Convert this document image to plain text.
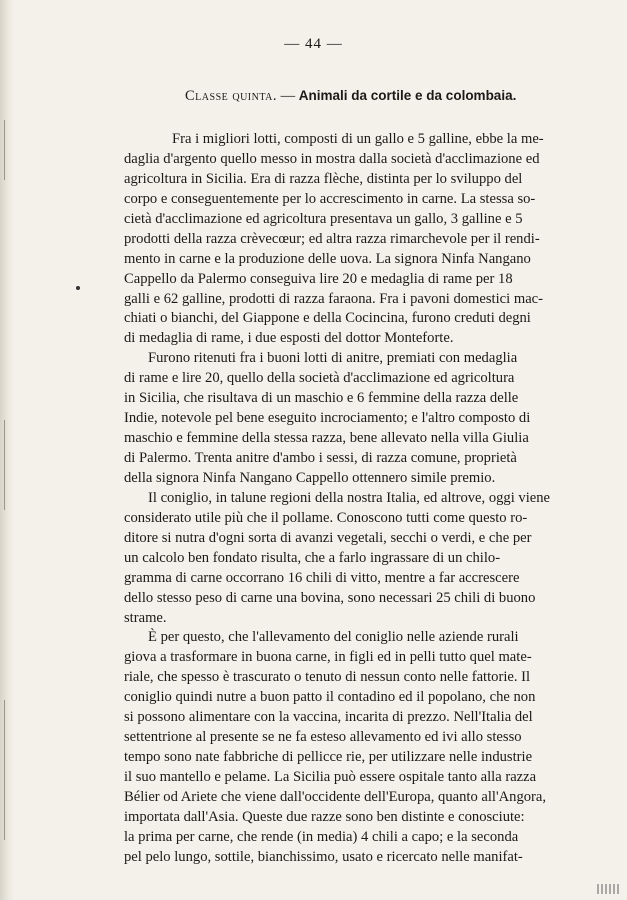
— 44 —
Classe quinta. — Animali da cortile e da colombaia.
Fra i migliori lotti, composti di un gallo e 5 galline, ebbe la me-
daglia d'argento quello messo in mostra dalla società d'acclimazione ed
agricoltura in Sicilia. Era di razza flèche, distinta per lo sviluppo del
corpo e conseguentemente per lo accrescimento in carne. La stessa so-
cietà d'acclimazione ed agricoltura presentava un gallo, 3 galline e 5
prodotti della razza crèvecœur; ed altra razza rimarchevole per il rendi-
mento in carne e la produzione delle uova. La signora Ninfa Nangano
Cappello da Palermo conseguiva lire 20 e medaglia di rame per 18
galli e 62 galline, prodotti di razza faraona. Fra i pavoni domestici mac-
chiati o bianchi, del Giappone e della Cocincina, furono creduti degni
di medaglia di rame, i due esposti del dottor Monteforte.
Furono ritenuti fra i buoni lotti di anitre, premiati con medaglia
di rame e lire 20, quello della società d'acclimazione ed agricoltura
in Sicilia, che risultava di un maschio e 6 femmine della razza delle
Indie, notevole pel bene eseguito incrociamento; e l'altro composto di
maschio e femmine della stessa razza, bene allevato nella villa Giulia
di Palermo. Trenta anitre d'ambo i sessi, di razza comune, proprietà
della signora Ninfa Nangano Cappello ottennero simile premio.
Il coniglio, in talune regioni della nostra Italia, ed altrove, oggi viene
considerato utile più che il pollame. Conoscono tutti come questo ro-
ditore si nutra d'ogni sorta di avanzi vegetali, secchi o verdi, e che per
un calcolo ben fondato risulta, che a farlo ingrassare di un chilo-
gramma di carne occorrano 16 chili di vitto, mentre a far accrescere
dello stesso peso di carne una bovina, sono necessari 25 chili di buono
strame.
È per questo, che l'allevamento del coniglio nelle aziende rurali
giova a trasformare in buona carne, in figli ed in pelli tutto quel mate-
riale, che spesso è trascurato o tenuto di nessun conto nelle fattorie. Il
coniglio quindi nutre a buon patto il contadino ed il popolano, che non
si possono alimentare con la vaccina, incarita di prezzo. Nell'Italia del
settentrione al presente se ne fa esteso allevamento ed ivi allo stesso
tempo sono nate fabbriche di pellicce rie, per utilizzare nelle industrie
il suo mantello e pelame. La Sicilia può essere ospitale tanto alla razza
Bélier od Ariete che viene dall'occidente dell'Europa, quanto all'Angora,
importata dall'Asia. Queste due razze sono ben distinte e conosciute:
la prima per carne, che rende (in media) 4 chili a capo; e la seconda
pel pelo lungo, sottile, bianchissimo, usato e ricercato nelle manifat-
